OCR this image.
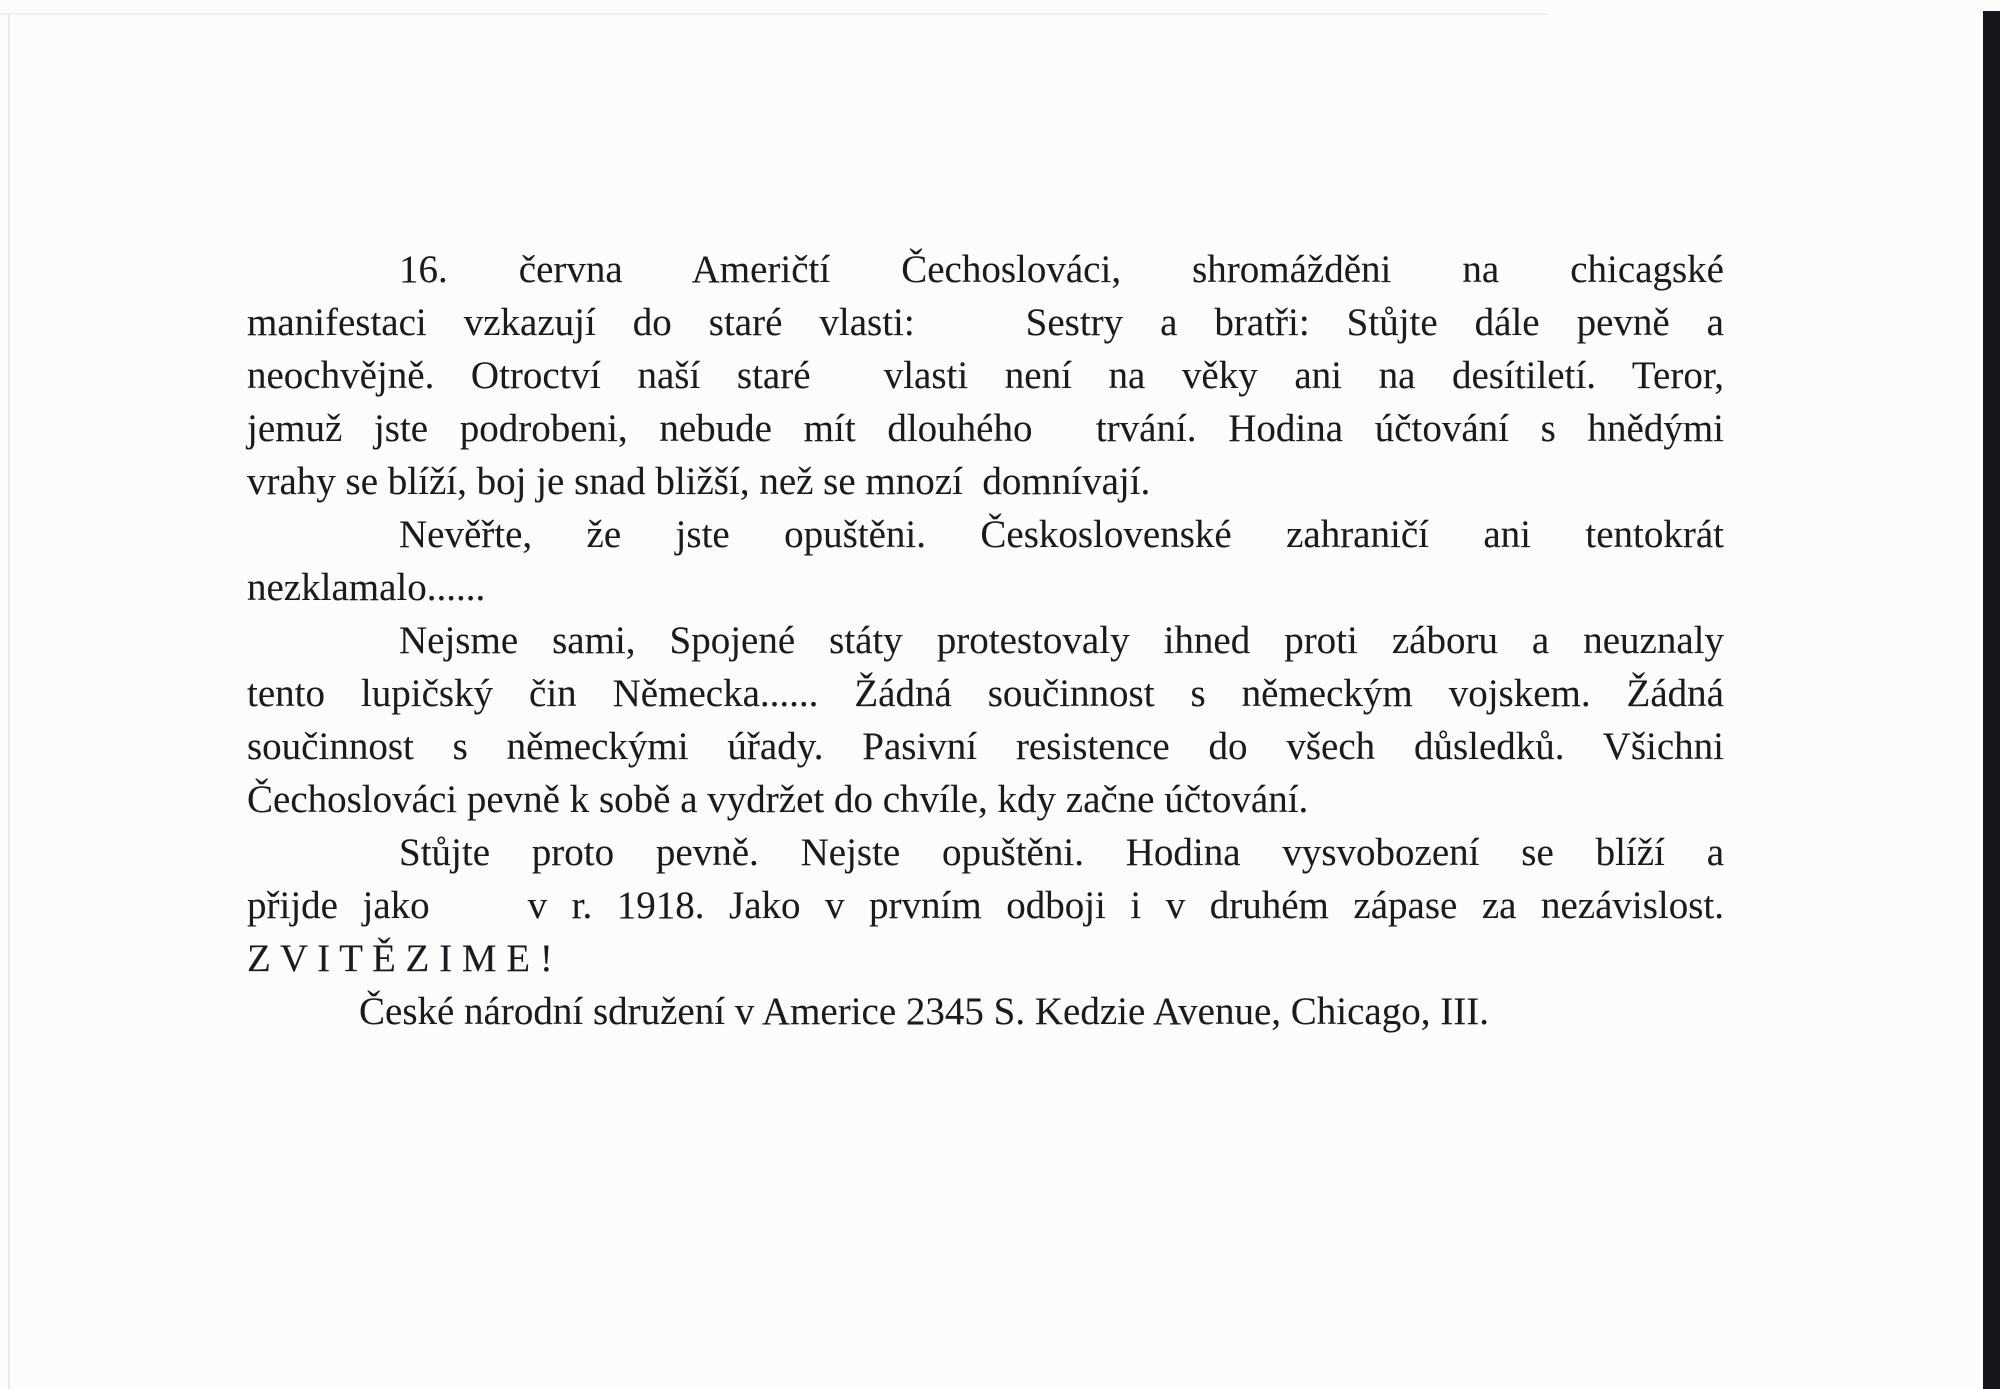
16. června Američtí Čechoslováci, shromážděni na chicagské
manifestaci vzkazují do staré vlasti:   Sestry a bratři: Stůjte dále pevně a
neochvějně. Otroctví naší staré  vlasti není na věky ani na desítiletí. Teror,
jemuž jste podrobeni, nebude mít dlouhého  trvání. Hodina účtování s hnědými
vrahy se blíží, boj je snad bližší, než se mnozí  domnívají.
Nevěřte, že jste opuštěni. Československé zahraničí ani tentokrát
nezklamalo......
Nejsme sami, Spojené státy protestovaly ihned proti záboru a neuznaly
tento lupičský čin Německa...... Žádná součinnost s německým vojskem. Žádná
součinnost s německými úřady. Pasivní resistence do všech důsledků. Všichni
Čechoslováci pevně k sobě a vydržet do chvíle, kdy začne účtování.
Stůjte proto pevně. Nejste opuštěni. Hodina vysvobození se blíží a
přijde jako    v r. 1918. Jako v prvním odboji i v druhém zápase za nezávislost.
Z V I T Ě Z I M E !
České národní sdružení v Americe 2345 S. Kedzie Avenue, Chicago, III.
